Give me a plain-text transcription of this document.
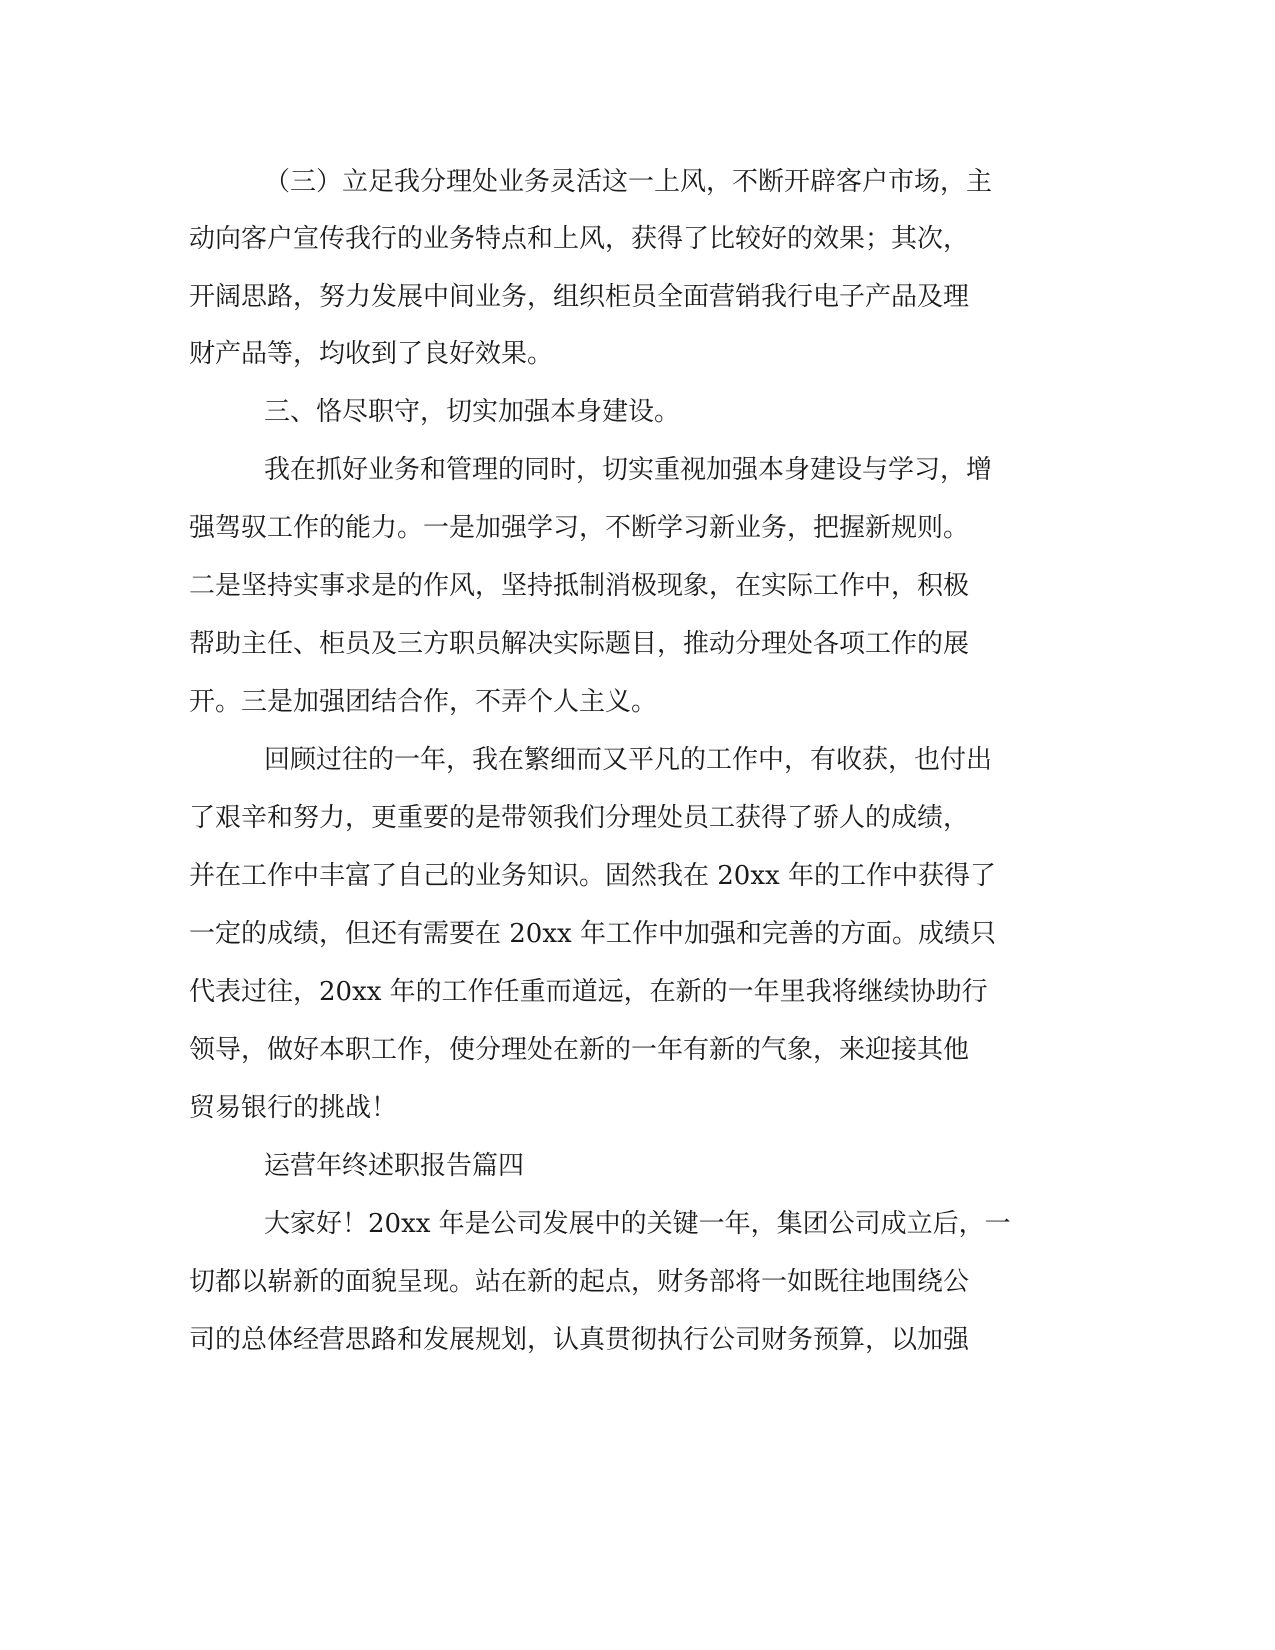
（三）立足我分理处业务灵活这一上风，不断开辟客户市场，主
动向客户宣传我行的业务特点和上风，获得了比较好的效果；其次，
开阔思路，努力发展中间业务，组织柜员全面营销我行电子产品及理
财产品等，均收到了良好效果。
三、恪尽职守，切实加强本身建设。
我在抓好业务和管理的同时，切实重视加强本身建设与学习，增
强驾驭工作的能力。一是加强学习，不断学习新业务，把握新规则。
二是坚持实事求是的作风，坚持抵制消极现象，在实际工作中，积极
帮助主任、柜员及三方职员解决实际题目，推动分理处各项工作的展
开。三是加强团结合作，不弄个人主义。
回顾过往的一年，我在繁细而又平凡的工作中，有收获，也付出
了艰辛和努力，更重要的是带领我们分理处员工获得了骄人的成绩，
并在工作中丰富了自己的业务知识。固然我在 20xx 年的工作中获得了
一定的成绩，但还有需要在 20xx 年工作中加强和完善的方面。成绩只
代表过往，20xx 年的工作任重而道远，在新的一年里我将继续协助行
领导，做好本职工作，使分理处在新的一年有新的气象，来迎接其他
贸易银行的挑战！
运营年终述职报告篇四
大家好！20xx 年是公司发展中的关键一年，集团公司成立后，一
切都以崭新的面貌呈现。站在新的起点，财务部将一如既往地围绕公
司的总体经营思路和发展规划，认真贯彻执行公司财务预算，以加强
